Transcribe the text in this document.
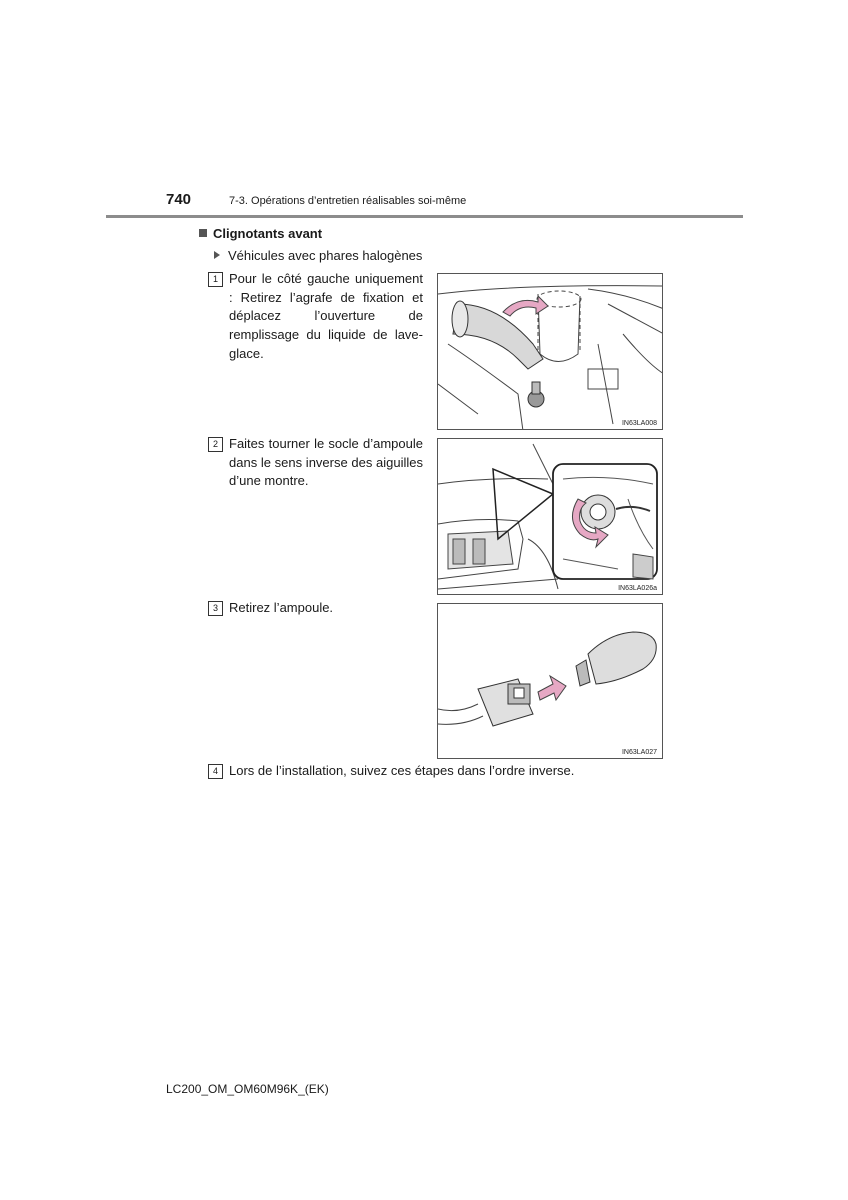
740	7-3. Opérations d’entretien réalisables soi-même
Clignotants avant
Véhicules avec phares halogènes
1 Pour le côté gauche uniquement : Retirez l’agrafe de fixation et déplacez l’ouverture de remplissage du liquide de lave-glace.
IN63LA008
2 Faites tourner le socle d’ampoule dans le sens inverse des aiguilles d’une montre.
IN63LA026a
3 Retirez l’ampoule.
IN63LA027
4 Lors de l’installation, suivez ces étapes dans l’ordre inverse.
LC200_OM_OM60M96K_(EK)
